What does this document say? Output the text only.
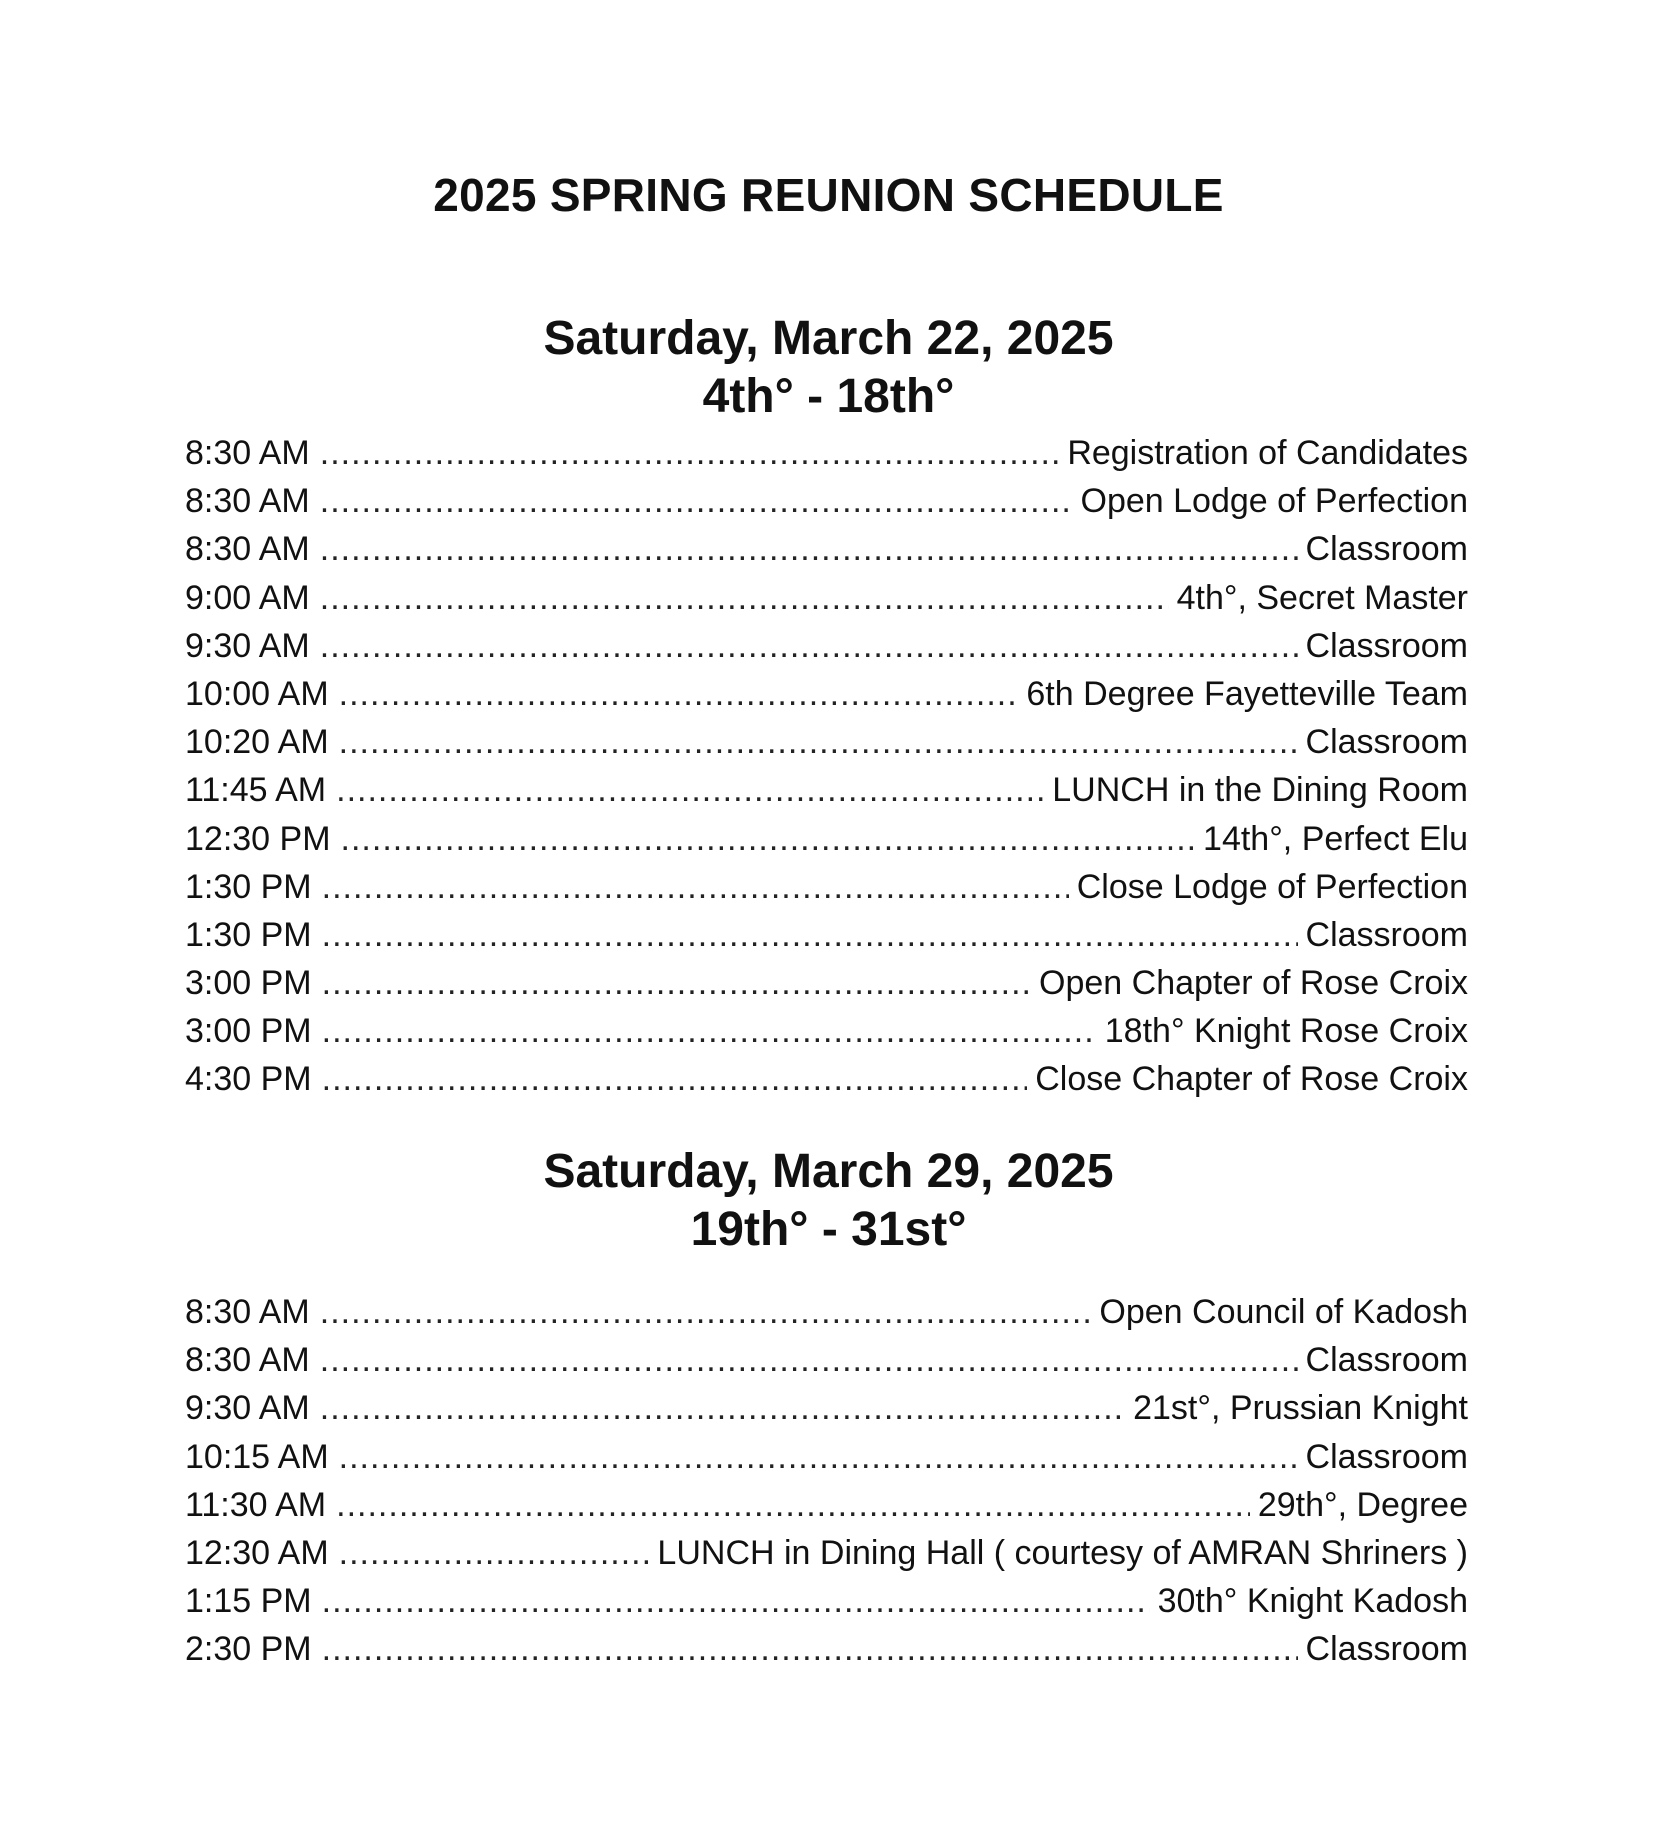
2025 SPRING REUNION SCHEDULE
Saturday, March 22, 2025
4th° - 18th°
8:30 AM .....	Registration of Candidates
8:30 AM .....	Open Lodge of Perfection
8:30 AM .....	Classroom
9:00 AM .....	4th°, Secret Master
9:30 AM .....	Classroom
10:00 AM .....	6th Degree Fayetteville Team
10:20 AM .....	Classroom
11:45 AM .....	LUNCH in the Dining Room
12:30 PM .....	14th°, Perfect Elu
1:30 PM .....	Close Lodge of Perfection
1:30 PM .....	Classroom
3:00 PM .....	Open Chapter of Rose Croix
3:00 PM .....	18th° Knight Rose Croix
4:30 PM .....	Close Chapter of Rose Croix
Saturday, March 29, 2025
19th° - 31st°
8:30 AM .....	Open Council of Kadosh
8:30 AM .....	Classroom
9:30 AM .....	21st°, Prussian Knight
10:15 AM .....	Classroom
11:30 AM .....	29th°, Degree
12:30 AM .....	LUNCH in Dining Hall ( courtesy of AMRAN Shriners )
1:15 PM .....	30th° Knight Kadosh
2:30 PM .....	Classroom
